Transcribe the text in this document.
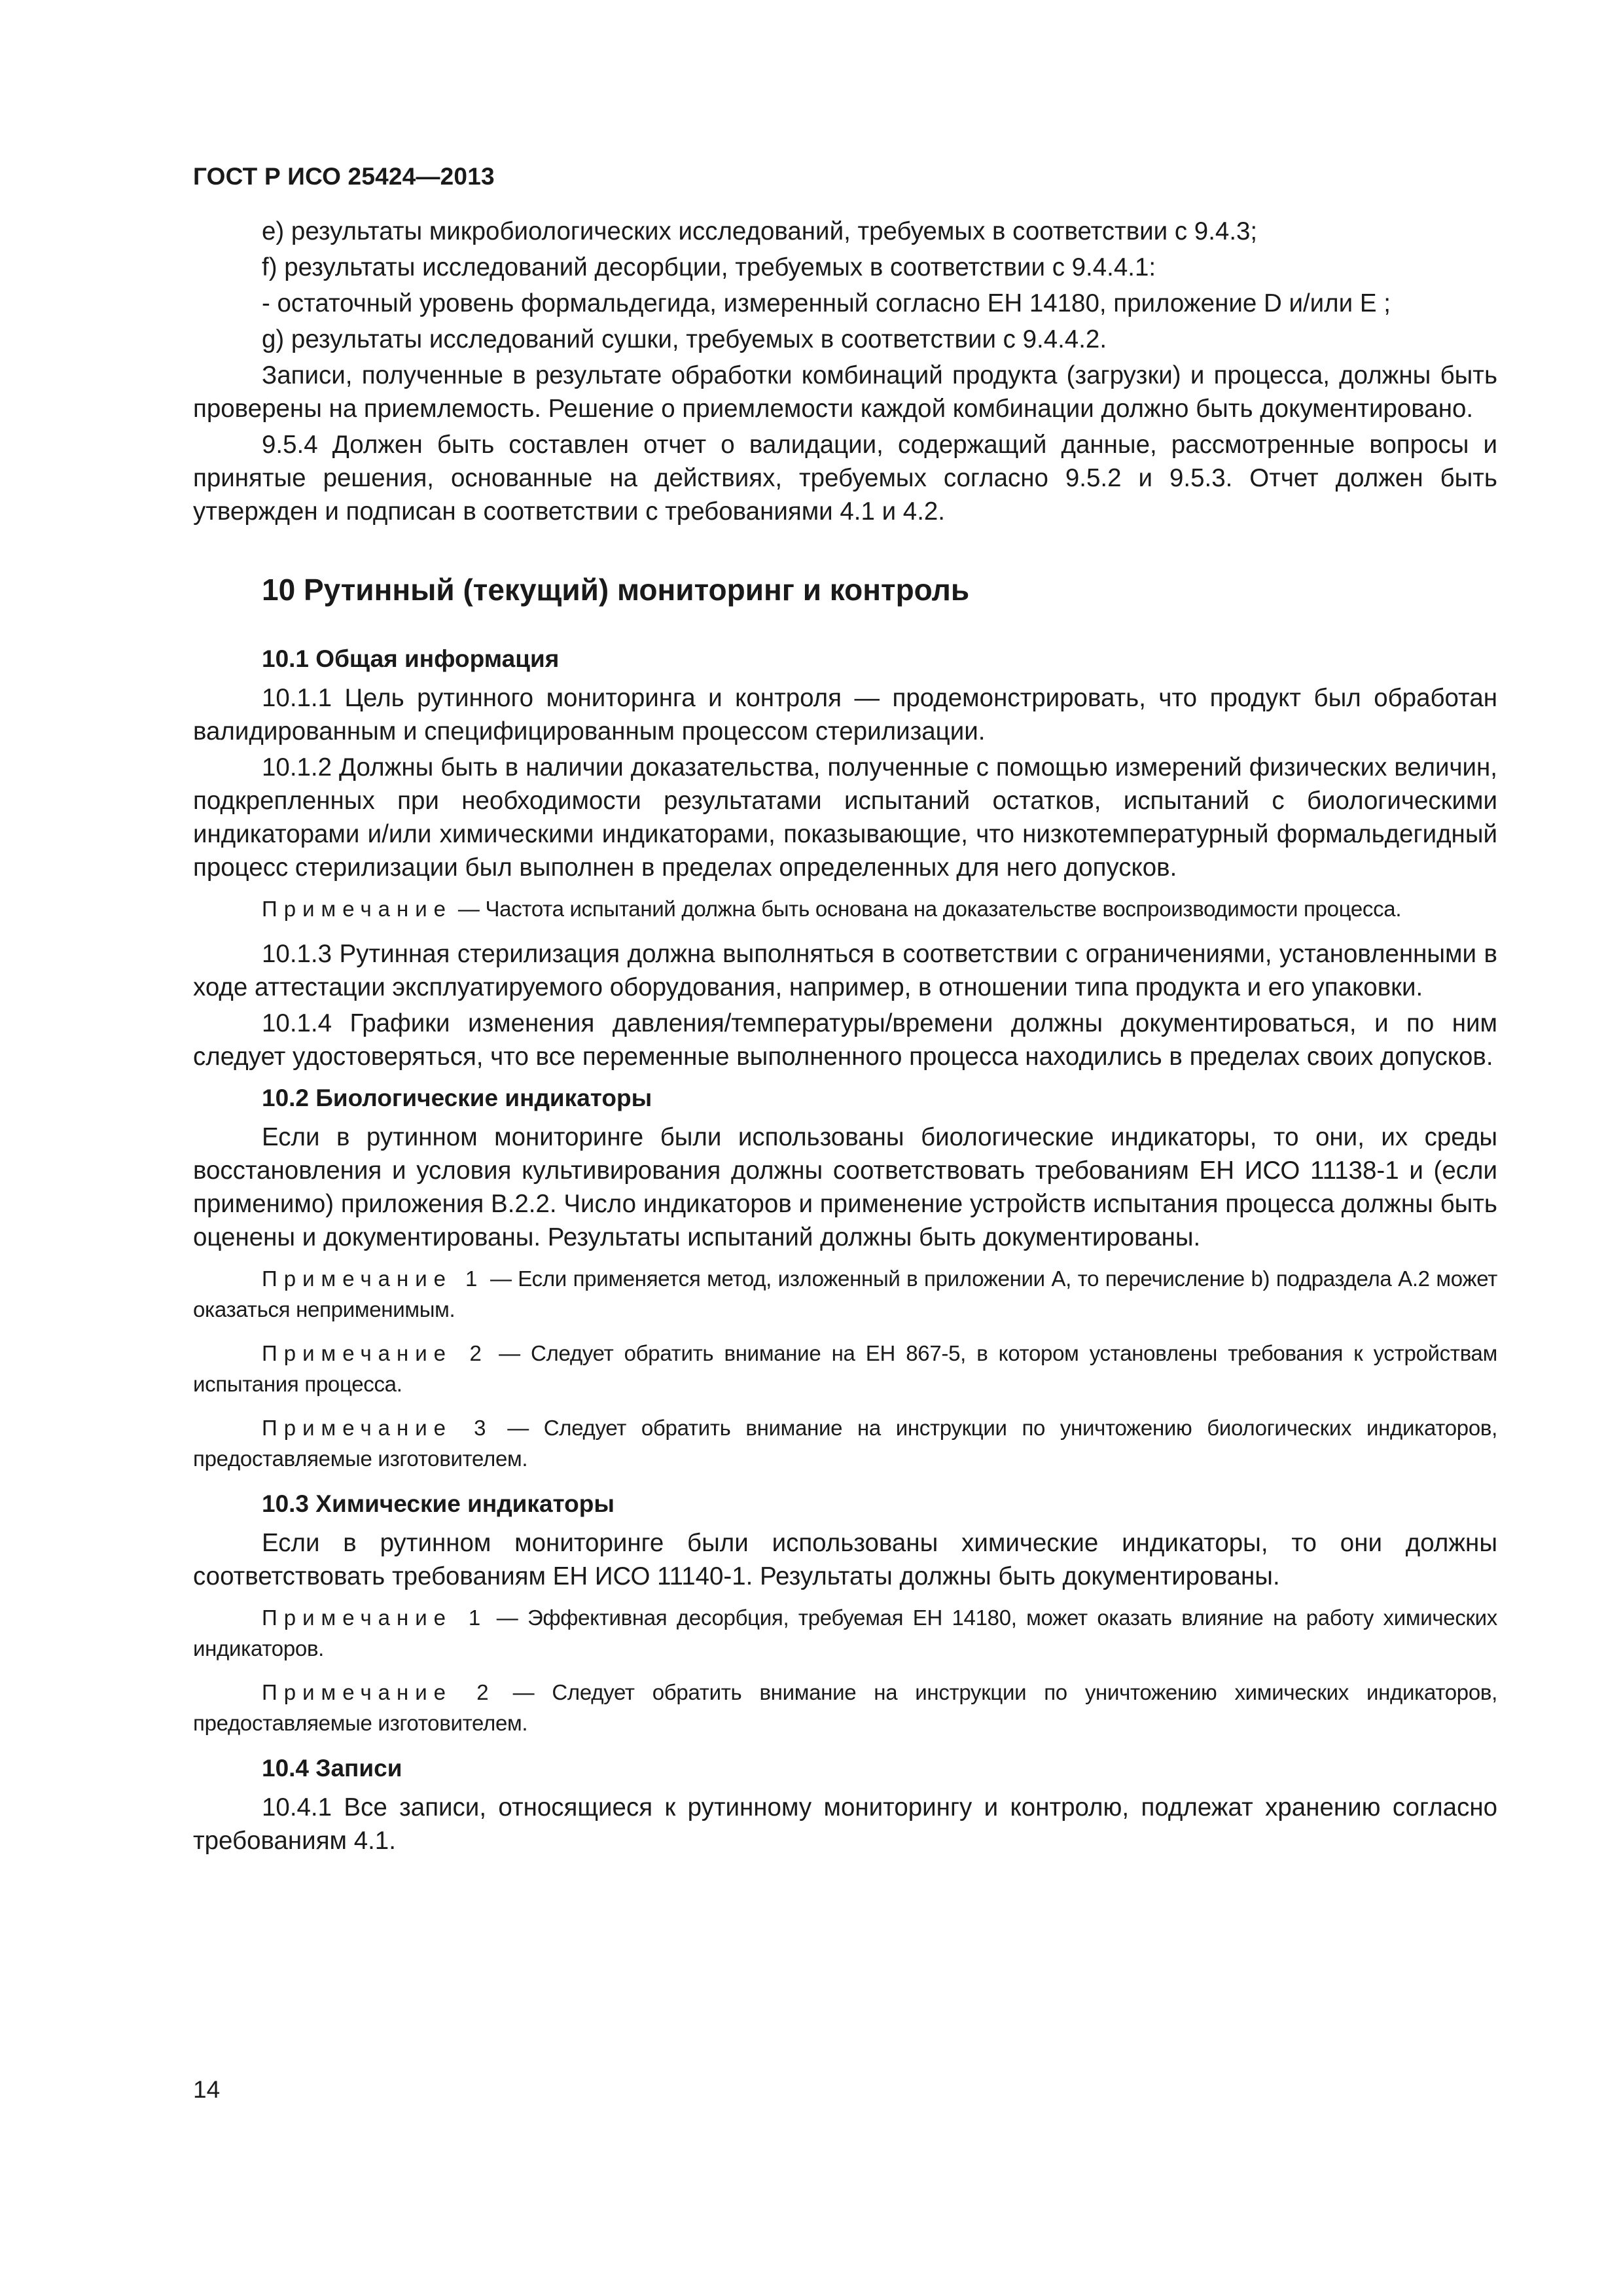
ГОСТ Р ИСО 25424—2013

e) результаты микробиологических исследований, требуемых в соответствии с 9.4.3;

f) результаты исследований десорбции, требуемых в соответствии с 9.4.4.1:

- остаточный уровень формальдегида, измеренный согласно ЕН 14180, приложение D и/или Е ;

g) результаты исследований сушки, требуемых в соответствии с 9.4.4.2.

Записи, полученные в результате обработки комбинаций продукта (загрузки) и процесса, должны быть проверены на приемлемость. Решение о приемлемости каждой комбинации должно быть документировано.

9.5.4 Должен быть составлен отчет о валидации, содержащий данные, рассмотренные вопросы и принятые решения, основанные на действиях, требуемых согласно 9.5.2 и 9.5.3. Отчет должен быть утвержден и подписан в соответствии с требованиями 4.1 и 4.2.

10 Рутинный (текущий) мониторинг и контроль
10.1 Общая информация

10.1.1 Цель рутинного мониторинга и контроля — продемонстрировать, что продукт был обработан валидированным и специфицированным процессом стерилизации.

10.1.2 Должны быть в наличии доказательства, полученные с помощью измерений физических величин, подкрепленных при необходимости результатами испытаний остатков, испытаний с биологическими индикаторами и/или химическими индикаторами, показывающие, что низкотемпературный формальдегидный процесс стерилизации был выполнен в пределах определенных для него допусков.

Примечание — Частота испытаний должна быть основана на доказательстве воспроизводимости процесса.

10.1.3 Рутинная стерилизация должна выполняться в соответствии с ограничениями, установленными в ходе аттестации эксплуатируемого оборудования, например, в отношении типа продукта и его упаковки.

10.1.4 Графики изменения давления/температуры/времени должны документироваться, и по ним следует удостоверяться, что все переменные выполненного процесса находились в пределах своих допусков.

10.2 Биологические индикаторы

Если в рутинном мониторинге были использованы биологические индикаторы, то они, их среды восстановления и условия культивирования должны соответствовать требованиям ЕН ИСО 11138-1 и (если применимо) приложения В.2.2. Число индикаторов и применение устройств испытания процесса должны быть оценены и документированы. Результаты испытаний должны быть документированы.

Примечание 1 — Если применяется метод, изложенный в приложении А, то перечисление b) подраздела А.2 может оказаться неприменимым.

Примечание 2 — Следует обратить внимание на ЕН 867-5, в котором установлены требования к устройствам испытания процесса.

Примечание 3 — Следует обратить внимание на инструкции по уничтожению биологических индикаторов, предоставляемые изготовителем.

10.3 Химические индикаторы

Если в рутинном мониторинге были использованы химические индикаторы, то они должны соответствовать требованиям ЕН ИСО 11140-1. Результаты должны быть документированы.

Примечание 1 — Эффективная десорбция, требуемая ЕН 14180, может оказать влияние на работу химических индикаторов.

Примечание 2 — Следует обратить внимание на инструкции по уничтожению химических индикаторов, предоставляемые изготовителем.

10.4 Записи

10.4.1 Все записи, относящиеся к рутинному мониторингу и контролю, подлежат хранению согласно требованиям 4.1.

14
